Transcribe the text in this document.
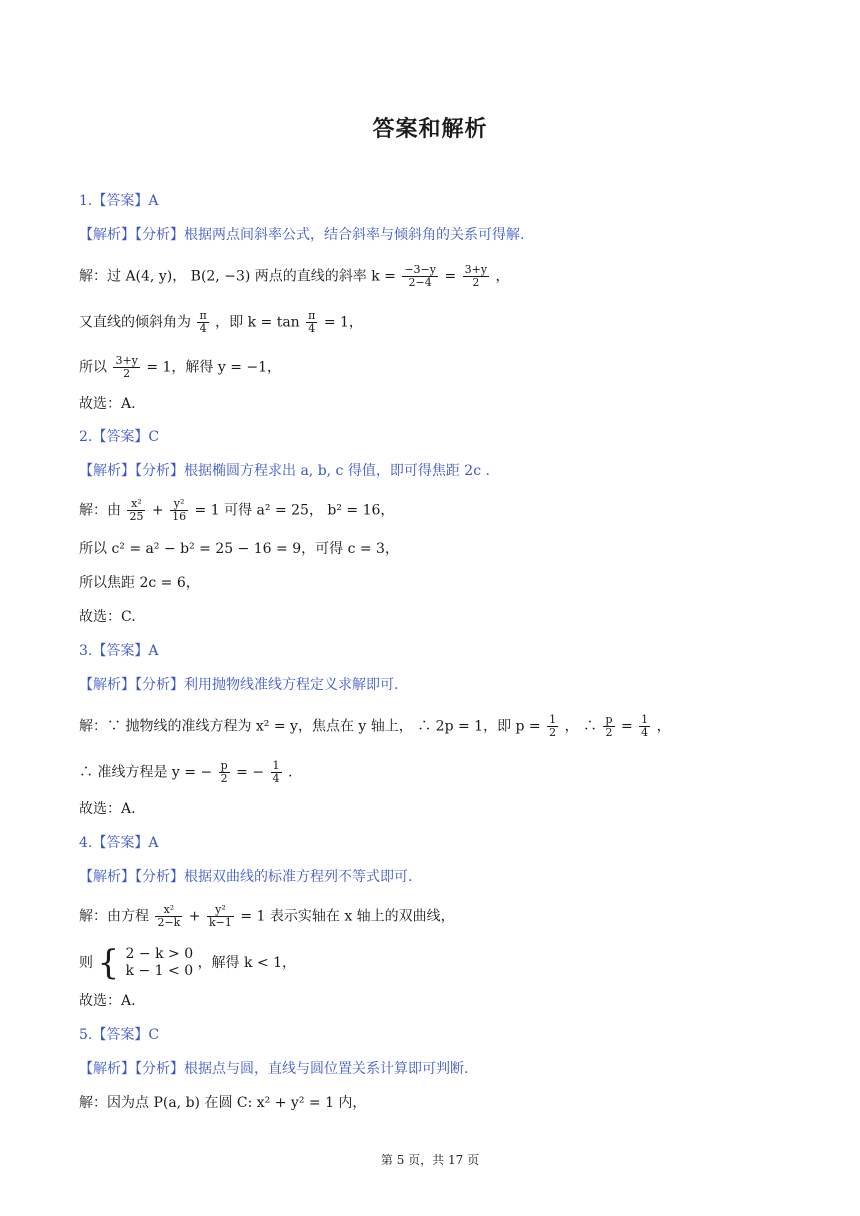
答案和解析
1.【答案】A
【解析】【分析】根据两点间斜率公式，结合斜率与倾斜角的关系可得解.
解：过 A(4, y)， B(2, −3) 两点的直线的斜率 $k = \frac{-3-y}{2-4} = \frac{3+y}{2}$ ，
又直线的倾斜角为 $\frac{\pi}{4}$ ，即 $k = \tan \frac{\pi}{4} = 1$，
所以 $\frac{3+y}{2} = 1$，解得 y = −1，
故选：A.
2.【答案】C
【解析】【分析】根据椭圆方程求出 a, b, c 得值，即可得焦距 2c .
解：由 $\frac{\text{x²}}{25} + \frac{\text{y²}}{16} = 1$ 可得 a² = 25， b² = 16，
所以 c² = a² − b² = 25 − 16 = 9，可得 c = 3，
所以焦距 2c = 6，
故选：C.
3.【答案】A
【解析】【分析】利用抛物线准线方程定义求解即可.
解：∵ 抛物线的准线方程为 x² = y，焦点在 y 轴上， ∴ 2p = 1，即 $p = \frac{1}{2}$ ， ∴ $\frac{p}{2} = \frac{1}{4}$ ，
∴ 准线方程是 y = − $\frac{p}{2}$ = − $\frac{1}{4}$ .
故选：A.
4.【答案】A
【解析】【分析】根据双曲线的标准方程列不等式即可.
解：由方程 $\frac{\text{x²}}{2-k} + \frac{\text{y²}}{k-1} = 1$ 表示实轴在 x 轴上的双曲线，
则 { 2 − k > 0
k − 1 < 0 ，解得 k < 1，
故选：A.
5.【答案】C
【解析】【分析】根据点与圆，直线与圆位置关系计算即可判断.
解：因为点 P(a, b) 在圆 C: x² + y² = 1 内，
第 5 页，共 17 页
